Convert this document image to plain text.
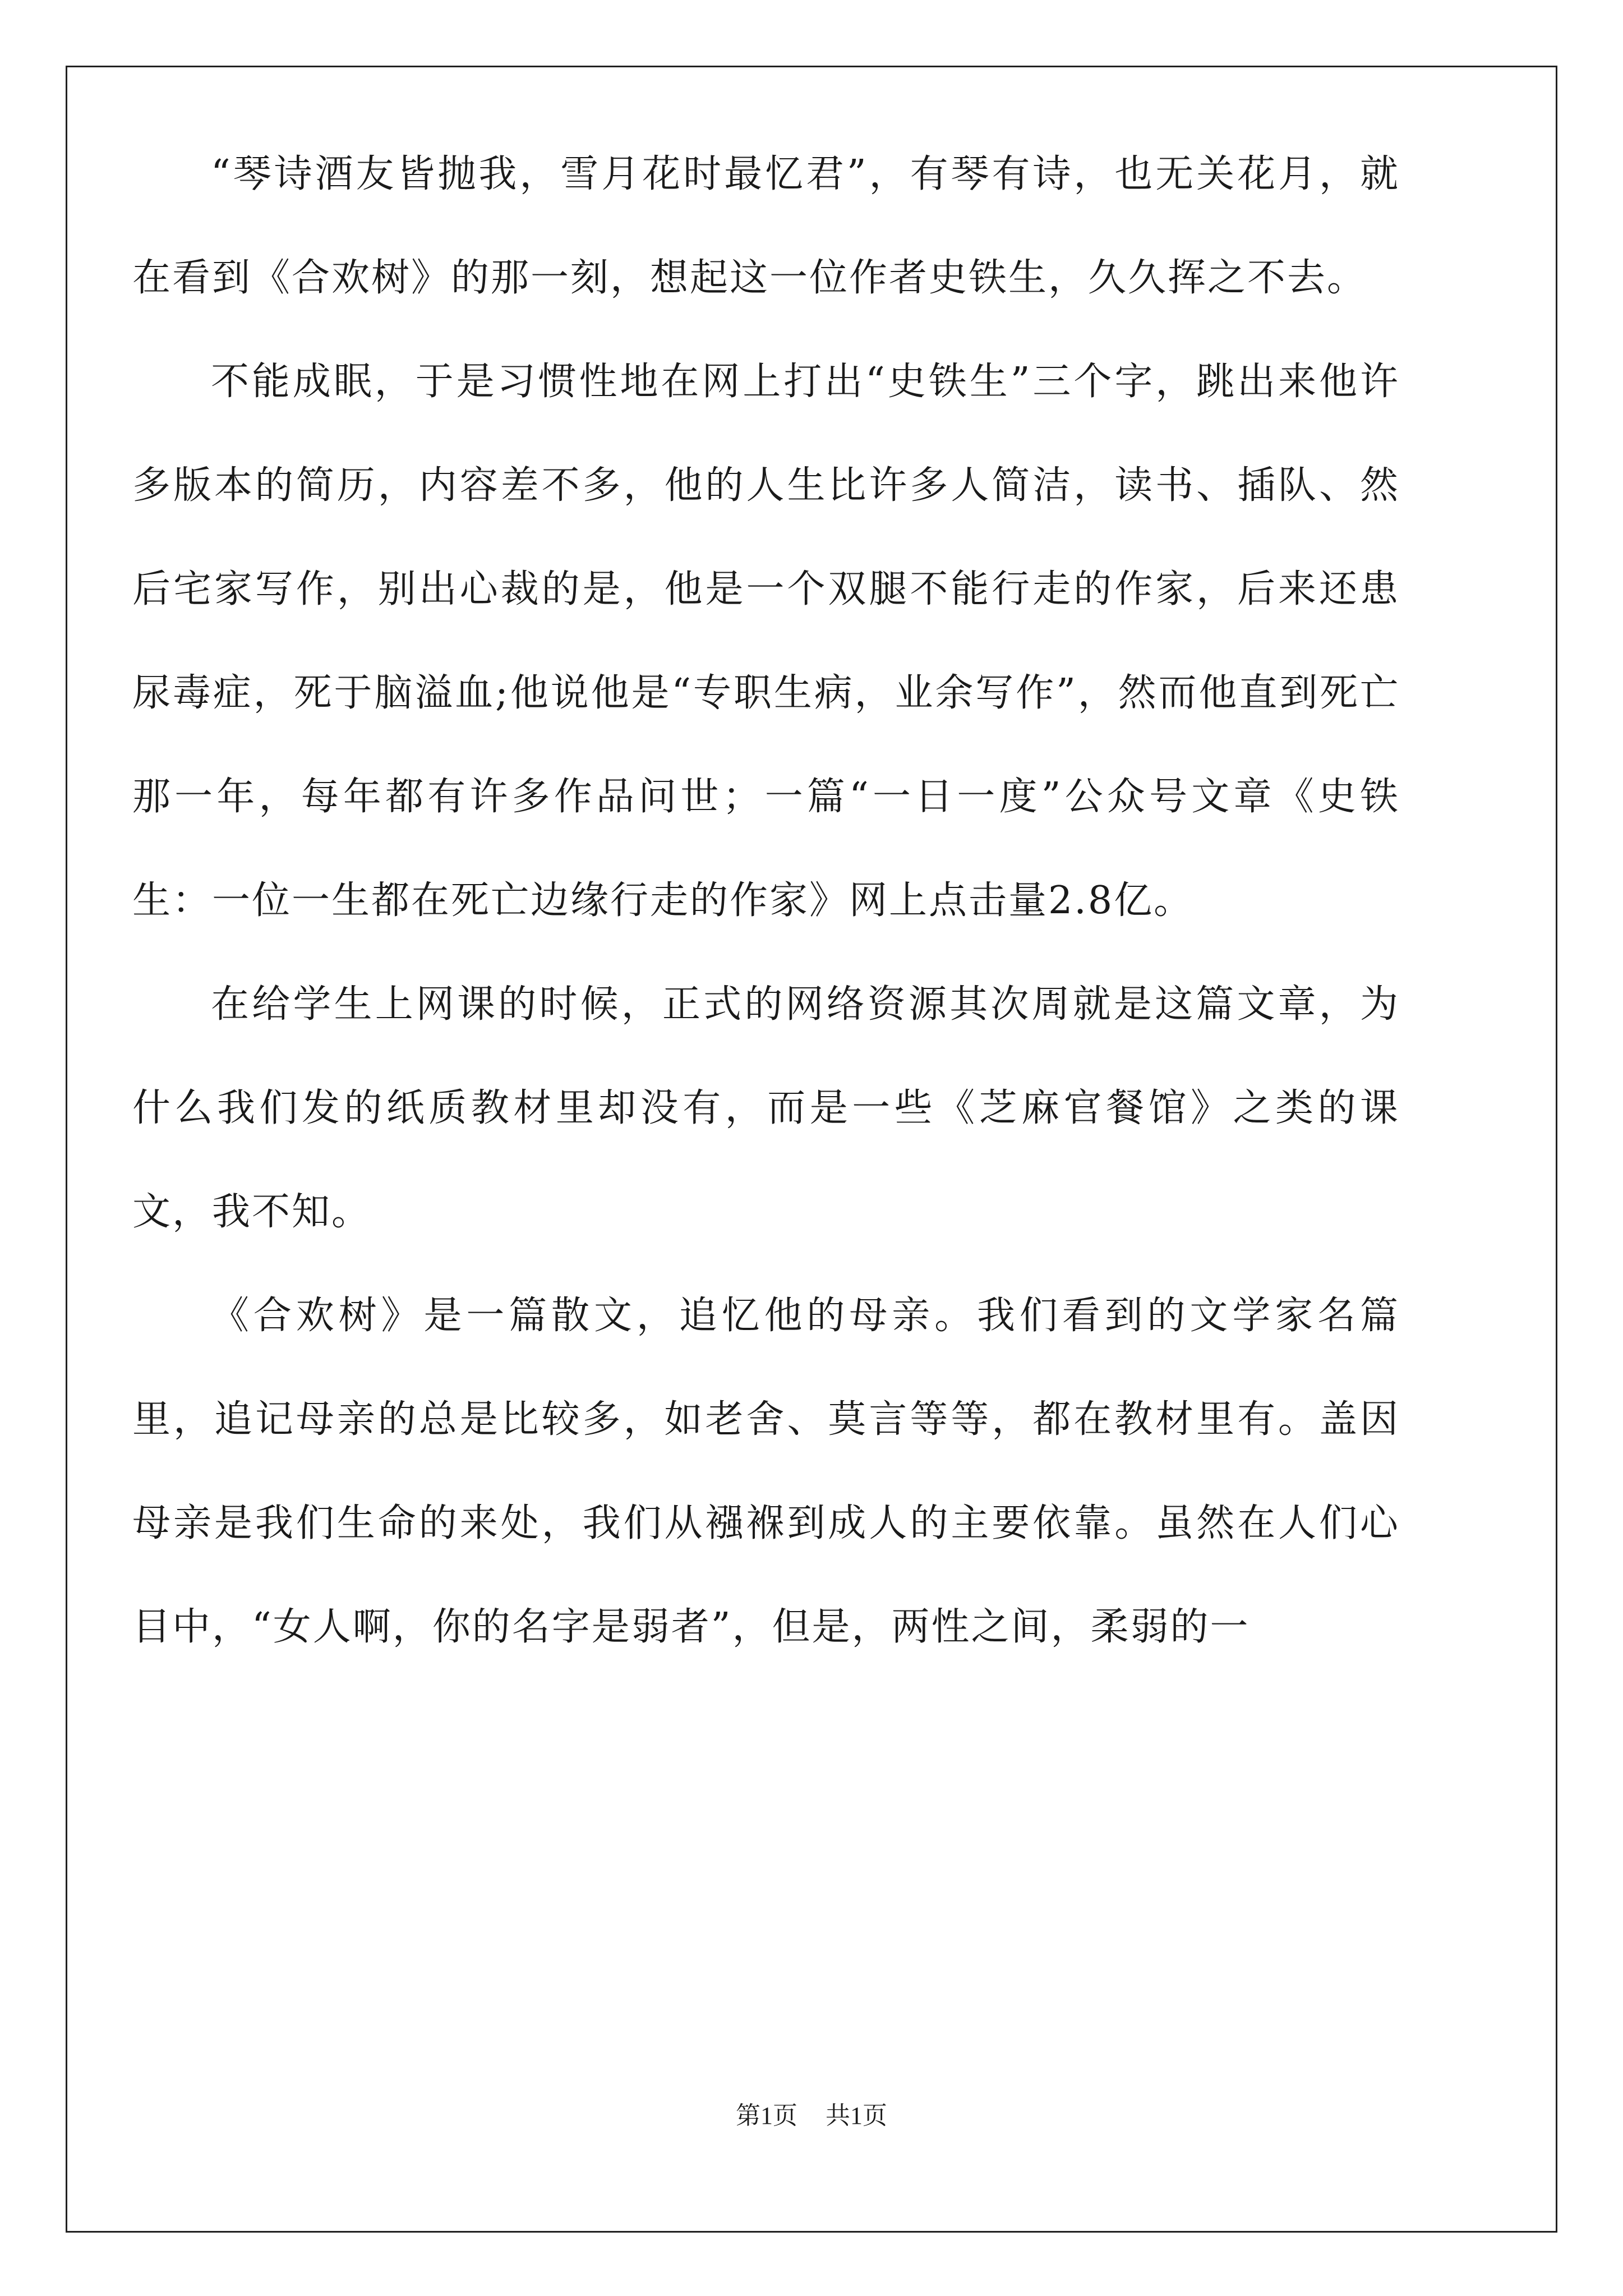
“琴诗酒友皆抛我，雪月花时最忆君”，有琴有诗，也无关花月，就在看到《合欢树》的那一刻，想起这一位作者史铁生，久久挥之不去。

不能成眠，于是习惯性地在网上打出“史铁生”三个字，跳出来他许多版本的简历，内容差不多，他的人生比许多人简洁，读书、插队、然后宅家写作，别出心裁的是，他是一个双腿不能行走的作家，后来还患尿毒症，死于脑溢血;他说他是“专职生病，业余写作”，然而他直到死亡那一年，每年都有许多作品问世；一篇“一日一度”公众号文章《史铁生：一位一生都在死亡边缘行走的作家》网上点击量2.8亿。

在给学生上网课的时候，正式的网络资源其次周就是这篇文章，为什么我们发的纸质教材里却没有，而是一些《芝麻官餐馆》之类的课文，我不知。

《合欢树》是一篇散文，追忆他的母亲。我们看到的文学家名篇里，追记母亲的总是比较多，如老舍、莫言等等，都在教材里有。盖因母亲是我们生命的来处，我们从襁褓到成人的主要依靠。虽然在人们心目中，“女人啊，你的名字是弱者”，但是，两性之间，柔弱的一

第1页 共1页
